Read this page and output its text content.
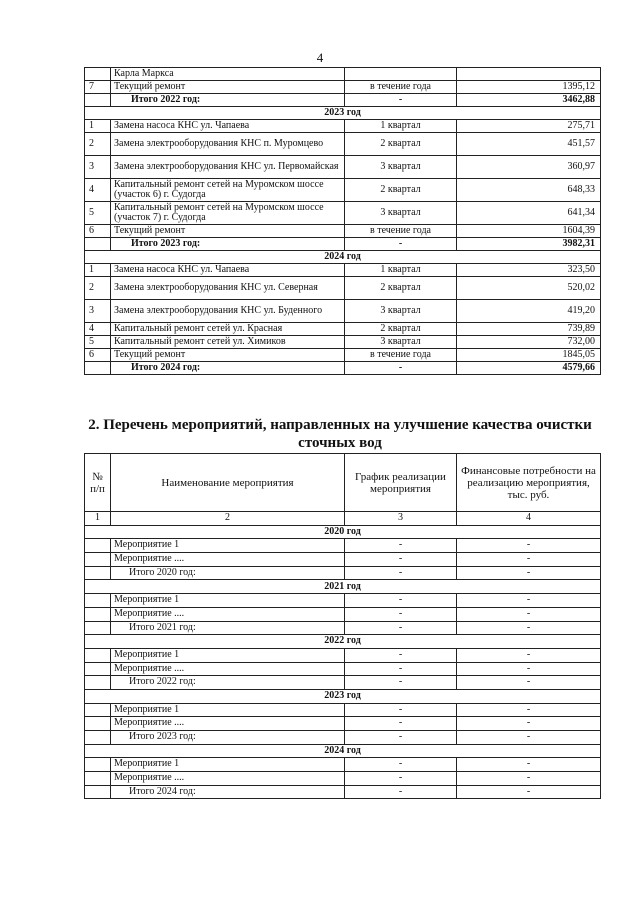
4
	Карла Маркса		
7	Текущий ремонт	в течение года	1395,12
	Итого 2022 год:	-	3462,88
2023 год			
1	Замена насоса КНС ул. Чапаева	1 квартал	275,71
2	Замена электрооборудования КНС п. Муромцево	2 квартал	451,57
3	Замена электрооборудования КНС ул. Первомайская	3 квартал	360,97
4	Капитальный ремонт сетей на Муромском шоссе (участок 6) г. Судогда	2 квартал	648,33
5	Капитальный ремонт сетей на Муромском шоссе (участок 7) г. Судогда	3 квартал	641,34
6	Текущий ремонт	в течение года	1604,39
	Итого 2023 год:	-	3982,31
2024 год			
1	Замена насоса КНС ул. Чапаева	1 квартал	323,50
2	Замена электрооборудования КНС ул. Северная	2 квартал	520,02
3	Замена электрооборудования КНС ул. Буденного	3 квартал	419,20
4	Капитальный ремонт сетей ул. Красная	2 квартал	739,89
5	Капитальный ремонт сетей ул. Химиков	3 квартал	732,00
6	Текущий ремонт	в течение года	1845,05
	Итого 2024 год:	-	4579,66
2. Перечень мероприятий, направленных на улучшение качества очистки сточных вод
№ п/п	Наименование мероприятия	График реализации мероприятия	Финансовые потребности на реализацию мероприятия, тыс. руб.
1	2	3	4
2020 год			
	Мероприятие 1	-	-
	Мероприятие ....	-	-
	Итого 2020 год:	-	-
2021 год			
	Мероприятие 1	-	-
	Мероприятие ....	-	-
	Итого 2021 год:	-	-
2022 год			
	Мероприятие 1	-	-
	Мероприятие ....	-	-
	Итого 2022 год:	-	-
2023 год			
	Мероприятие 1	-	-
	Мероприятие ....	-	-
	Итого 2023 год:	-	-
2024 год			
	Мероприятие 1	-	-
	Мероприятие ....	-	-
	Итого 2024 год:	-	-
